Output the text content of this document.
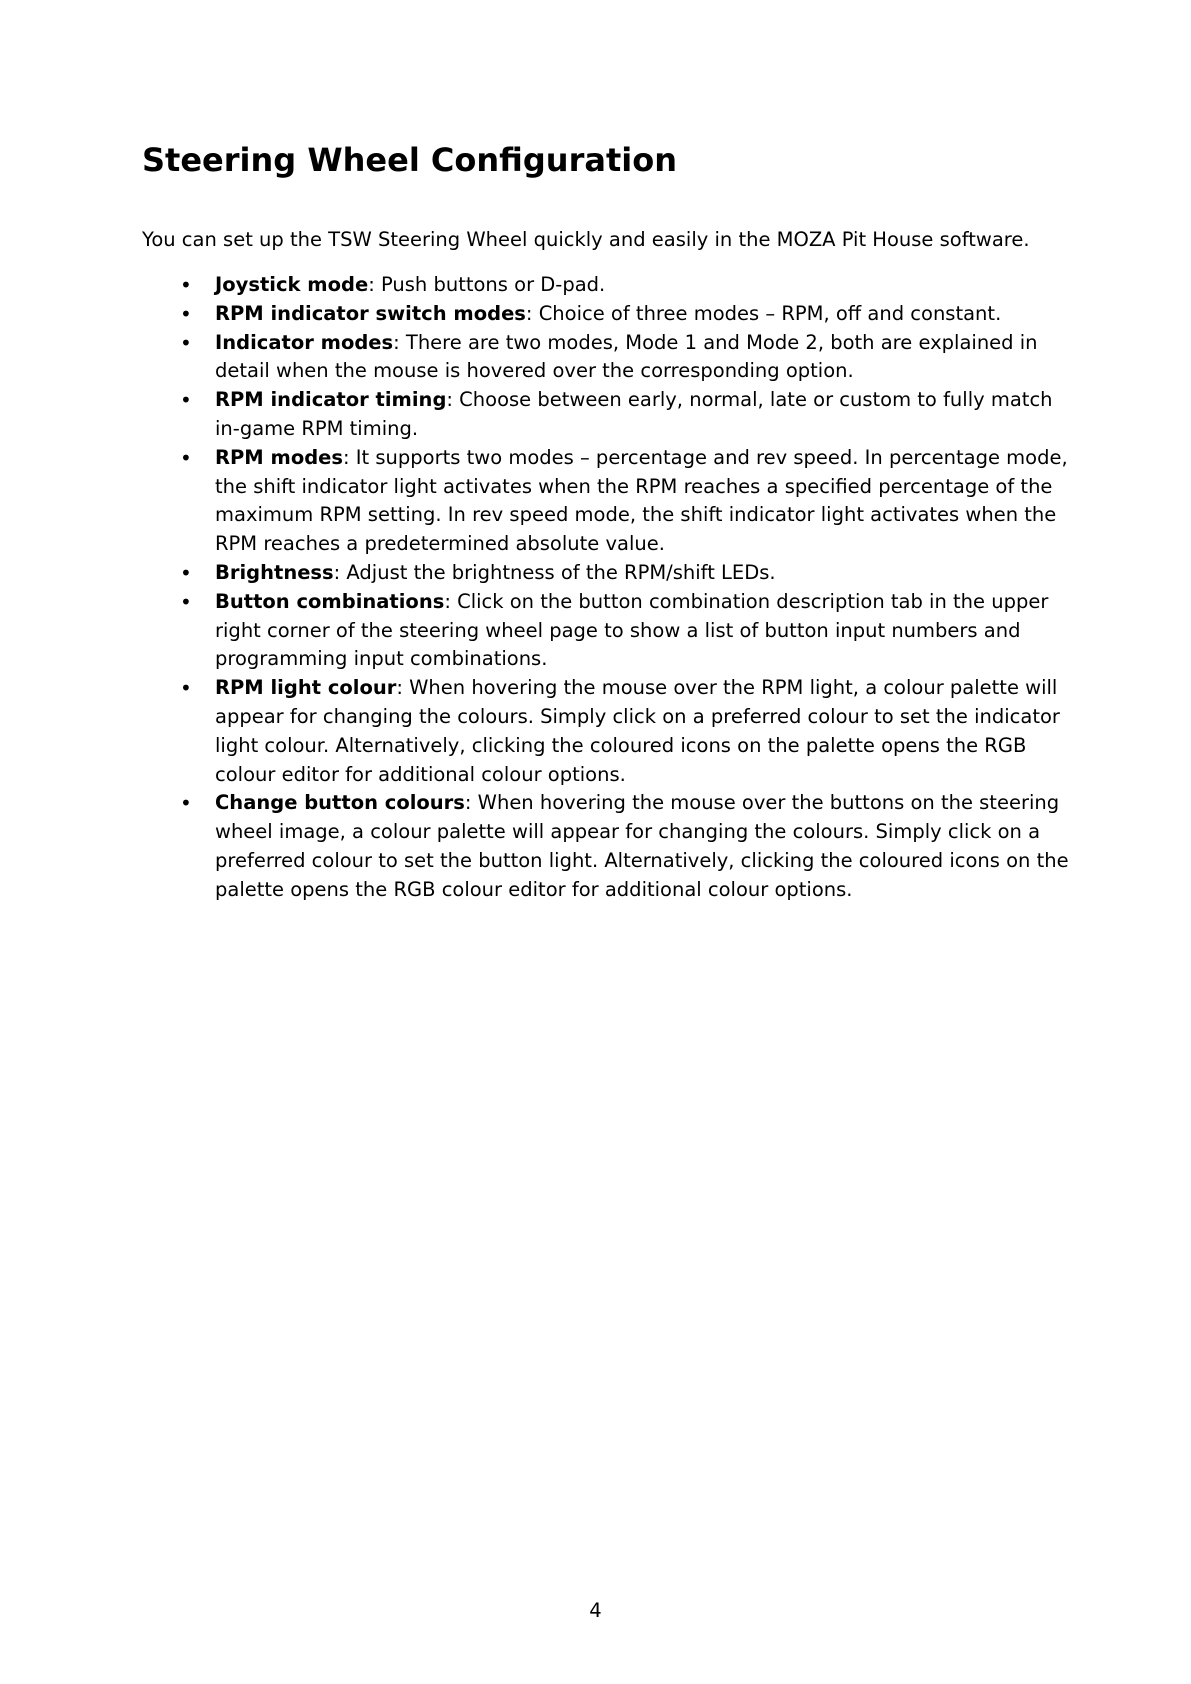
Steering Wheel Configuration

You can set up the TSW Steering Wheel quickly and easily in the MOZA Pit House software.

•	Joystick mode: Push buttons or D-pad.
•	RPM indicator switch modes: Choice of three modes – RPM, off and constant.
•	Indicator modes: There are two modes, Mode 1 and Mode 2, both are explained in detail when the mouse is hovered over the corresponding option.
•	RPM indicator timing: Choose between early, normal, late or custom to fully match in-game RPM timing.
•	RPM modes: It supports two modes – percentage and rev speed. In percentage mode, the shift indicator light activates when the RPM reaches a specified percentage of the maximum RPM setting. In rev speed mode, the shift indicator light activates when the RPM reaches a predetermined absolute value.
•	Brightness: Adjust the brightness of the RPM/shift LEDs.
•	Button combinations: Click on the button combination description tab in the upper right corner of the steering wheel page to show a list of button input numbers and programming input combinations.
•	RPM light colour: When hovering the mouse over the RPM light, a colour palette will appear for changing the colours. Simply click on a preferred colour to set the indicator light colour. Alternatively, clicking the coloured icons on the palette opens the RGB colour editor for additional colour options.
•	Change button colours: When hovering the mouse over the buttons on the steering wheel image, a colour palette will appear for changing the colours. Simply click on a preferred colour to set the button light. Alternatively, clicking the coloured icons on the palette opens the RGB colour editor for additional colour options.

4
